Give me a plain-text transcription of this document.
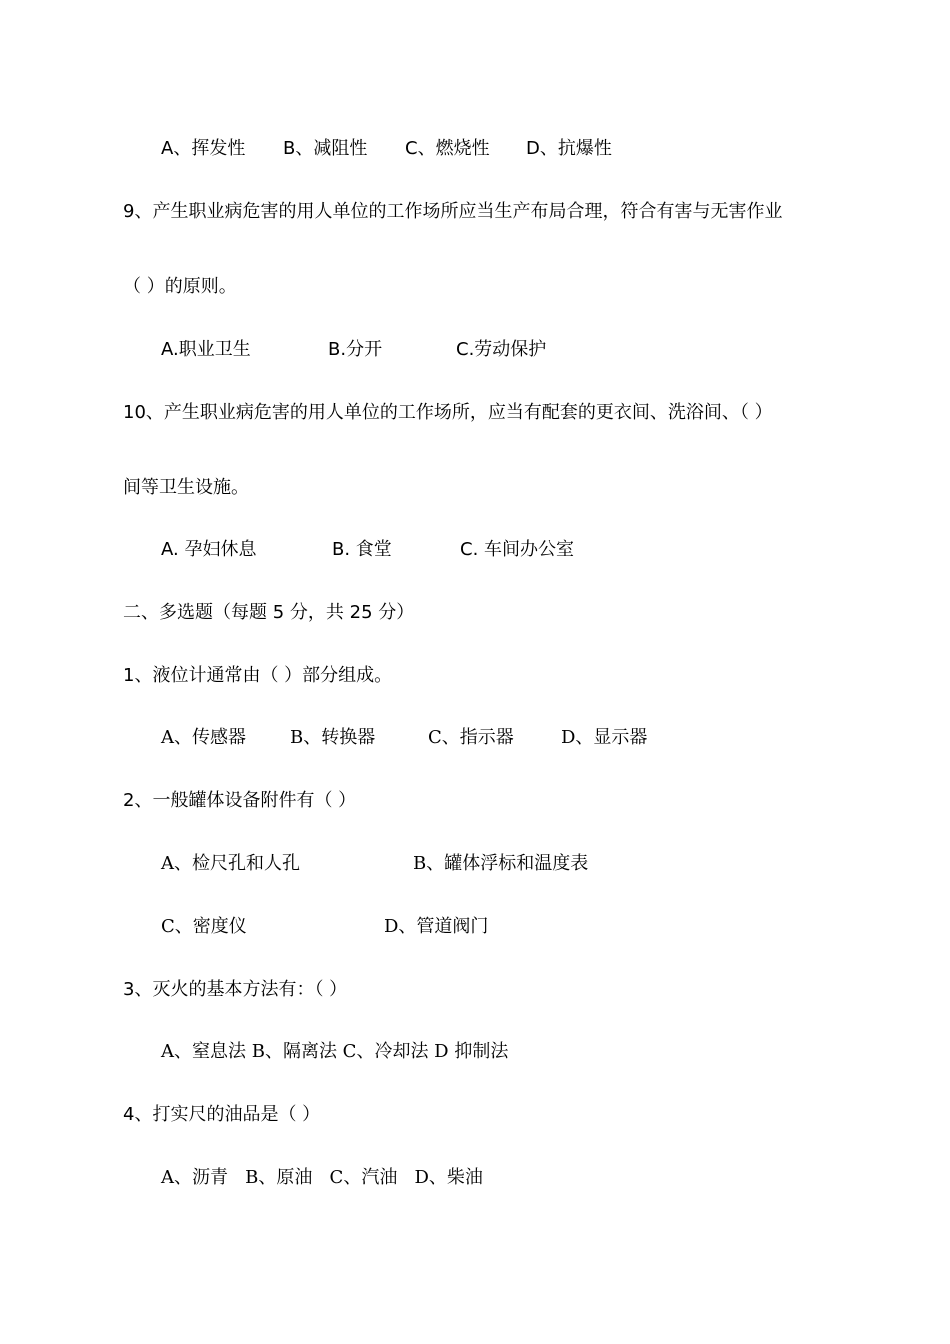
A、挥发性 B、减阻性 C、燃烧性 D、抗爆性
9、产生职业病危害的用人单位的工作场所应当生产布局合理，符合有害与无害作业
（ ）的原则。
A.职业卫生	B.分开	C.劳动保护
10、产生职业病危害的用人单位的工作场所，应当有配套的更衣间、洗浴间、（ ）
间等卫生设施。
A. 孕妇休息	B. 食堂	C. 车间办公室
二、多选题（每题 5 分，共 25 分）
1、液位计通常由（ ）部分组成。
A、传感器 B、转换器	C、指示器	D、显示器
2、一般罐体设备附件有（ ）
A、检尺孔和人孔	B、罐体浮标和温度表
C、密度仪	D、管道阀门
3、灭火的基本方法有：（ ）
A、窒息法 B、隔离法 C、冷却法 D 抑制法
4、打实尺的油品是（ ）
A、沥青   B、原油   C、汽油   D、柴油
